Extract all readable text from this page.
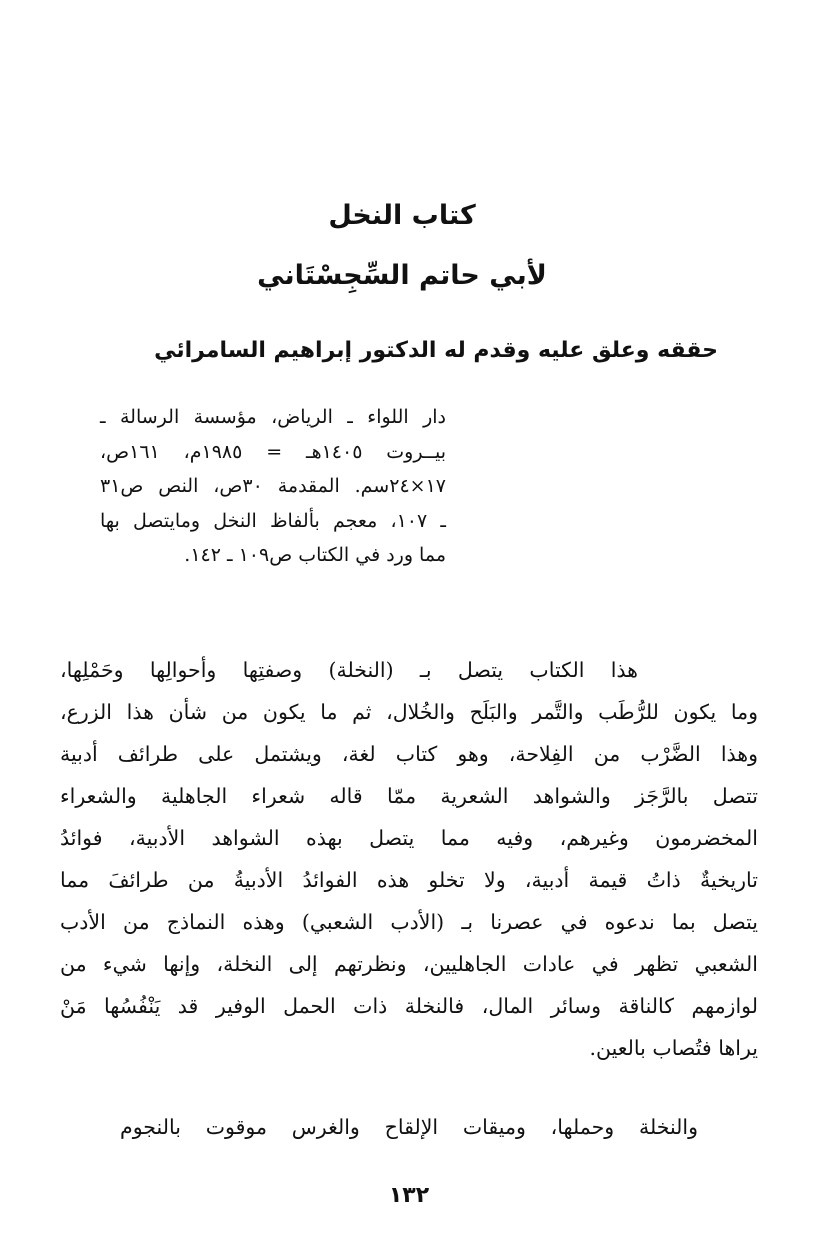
كتاب النخل
لأبي حاتم السِّجِسْتَاني

حققه وعلق عليه وقدم له الدكتور إبراهيم السامرائي

دار اللواء ـ الرياض، مؤسسة الرسالة ـ
بيــروت ١٤٠٥هـ = ١٩٨٥م، ١٦١ص،
١٧×٢٤سم. المقدمة ٣٠ص، النص ص٣١
ـ ١٠٧، معجم بألفاظ النخل ومايتصل بها
مما ورد في الكتاب ص١٠٩ ـ ١٤٢.
هذا الكتاب يتصل بـ (النخلة) وصفتِها وأحوالِها وحَمْلِها،
وما يكون للرُّطَب والتَّمر والبَلَح والخُلال، ثم ما يكون من شأن هذا الزرع،
وهذا الضَّرْب من الفِلاحة، وهو كتاب لغة، ويشتمل على طرائف أدبية
تتصل بالرَّجَز والشواهد الشعرية ممّا قاله شعراء الجاهلية والشعراء
المخضرمون وغيرهم، وفيه مما يتصل بهذه الشواهد الأدبية، فوائدُ
تاريخيةٌ ذاتُ قيمة أدبية، ولا تخلو هذه الفوائدُ الأدبيةُ من طرائفَ مما
يتصل بما ندعوه في عصرنا بـ (الأدب الشعبي) وهذه النماذج من الأدب
الشعبي تظهر في عادات الجاهليين، ونظرتهم إلى النخلة، وإنها شيء من
لوازمهم كالناقة وسائر المال، فالنخلة ذات الحمل الوفير قد يَنْفُسُها مَنْ
يراها فتُصاب بالعين.

والنخلة وحملها، وميقات الإلقاح والغرس موقوت بالنجوم

١٣٢
